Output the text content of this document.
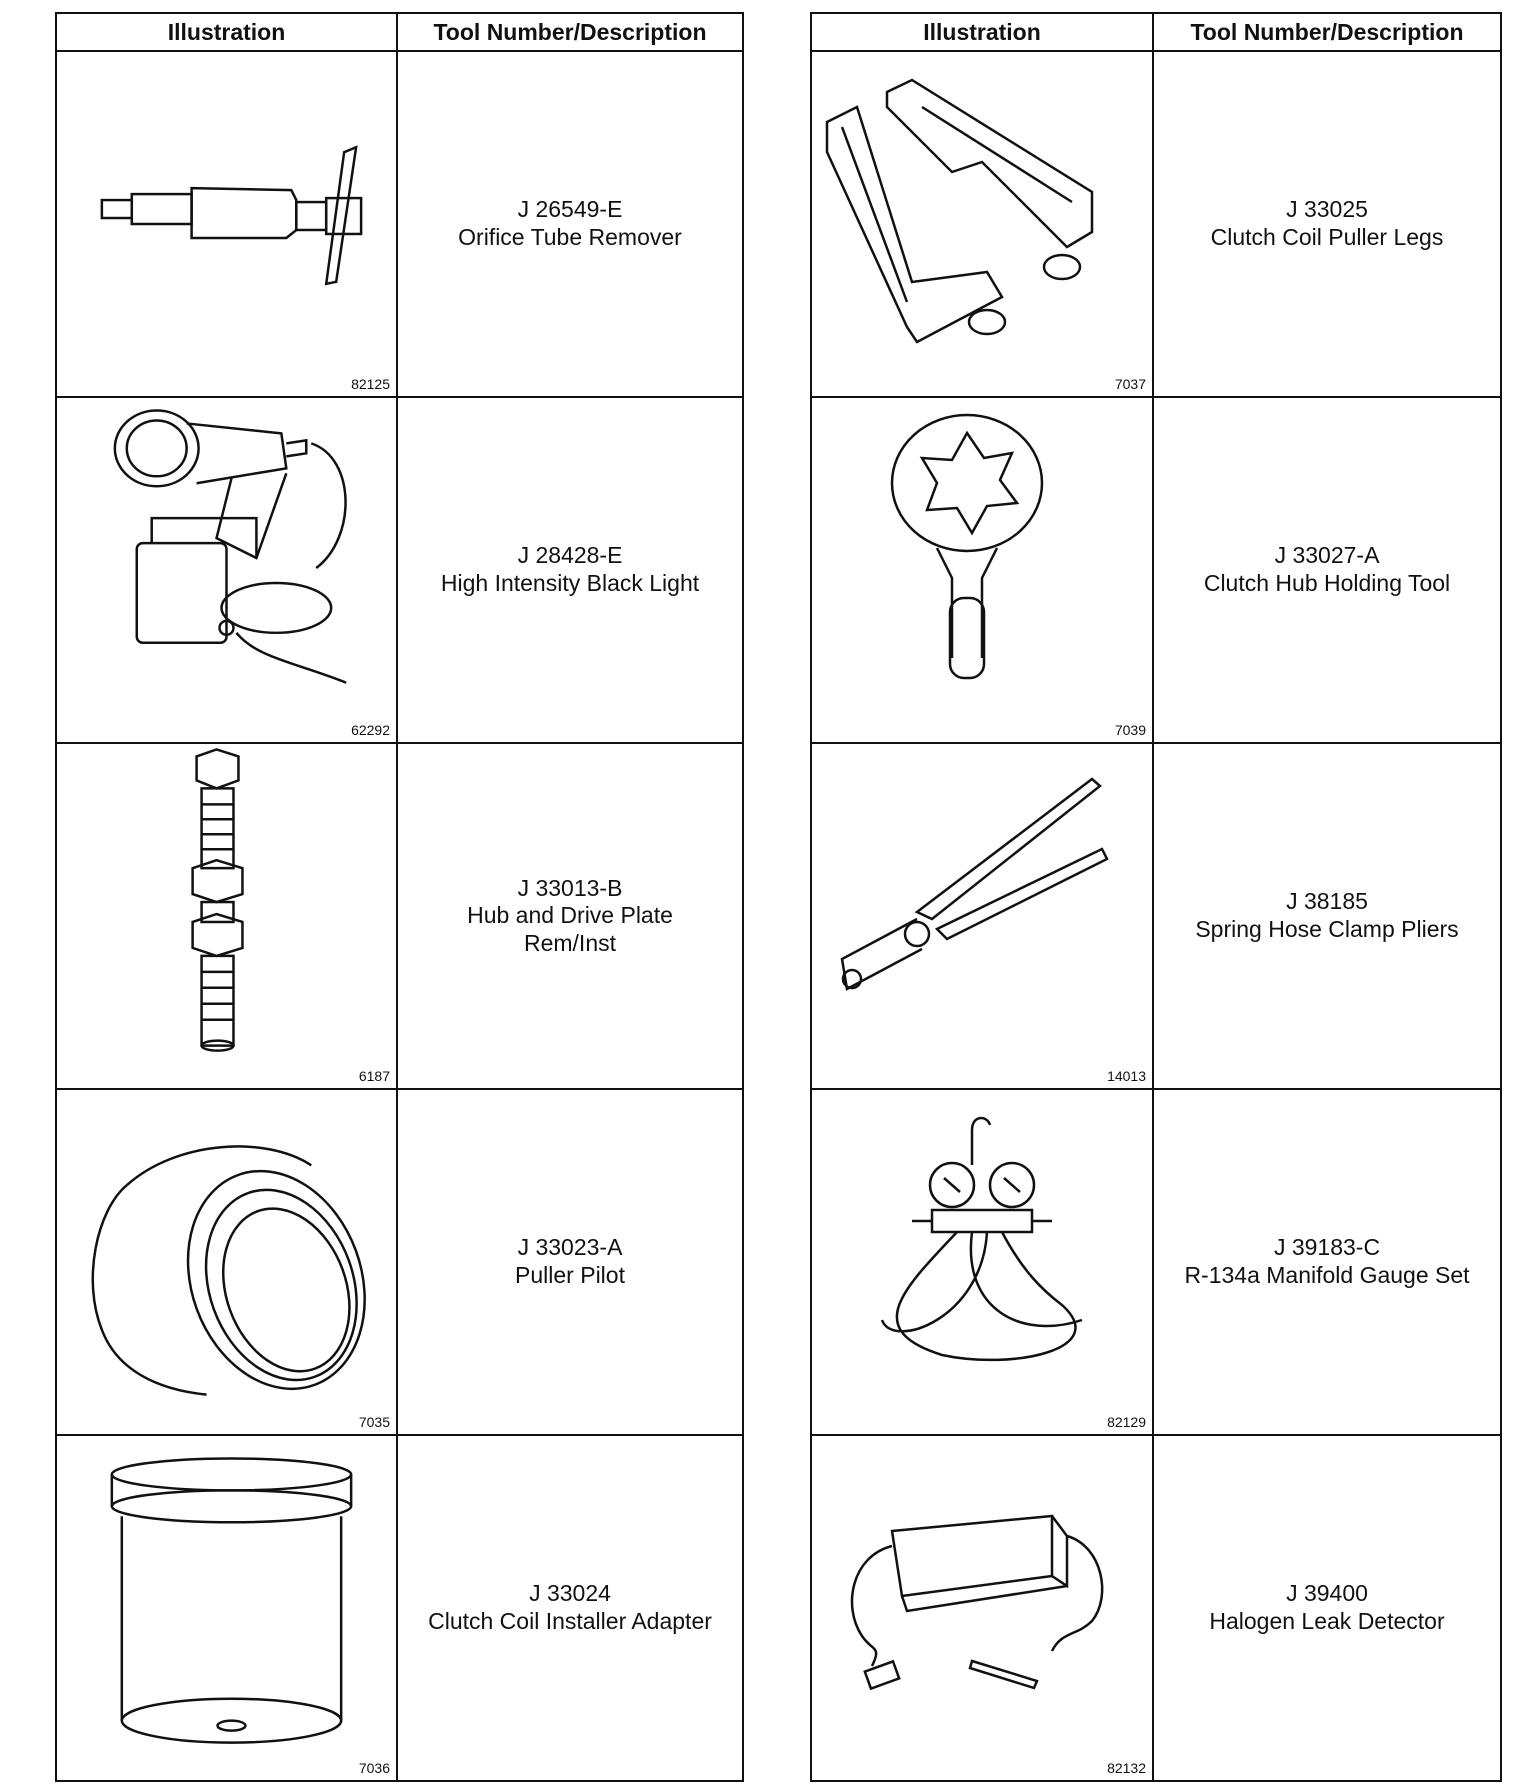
Illustration	Tool Number/Description

82125	J 26549-E
Orifice Tube Remover

62292	J 28428-E
High Intensity Black Light

6187	J 33013-B
Hub and Drive Plate Rem/Inst

7035	J 33023-A
Puller Pilot

7036	J 33024
Clutch Coil Installer Adapter
Illustration	Tool Number/Description

7037	J 33025
Clutch Coil Puller Legs

7039	J 33027-A
Clutch Hub Holding Tool

14013	J 38185
Spring Hose Clamp Pliers

82129	J 39183-C
R-134a Manifold Gauge Set

82132	J 39400
Halogen Leak Detector
